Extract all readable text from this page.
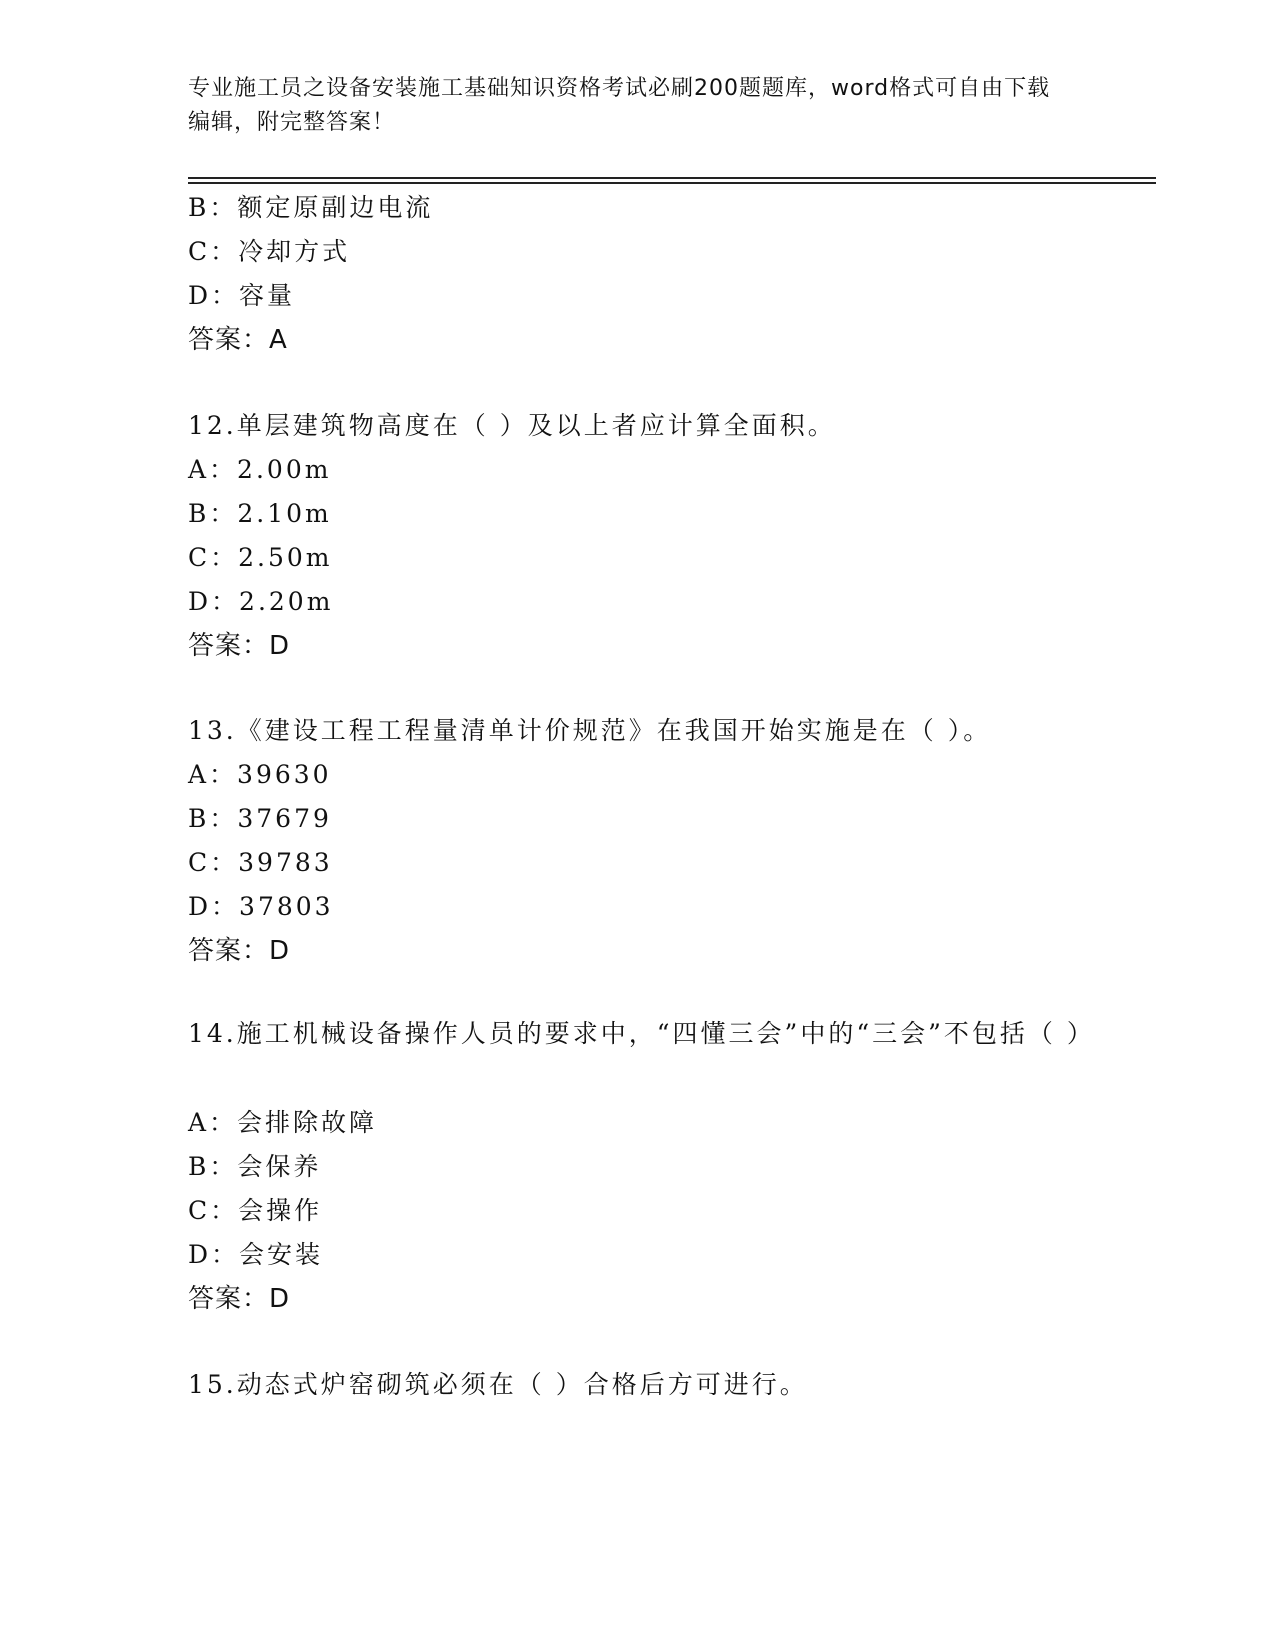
专业施工员之设备安装施工基础知识资格考试必刷200题题库，word格式可自由下载编辑，附完整答案！
B：额定原副边电流
C：冷却方式
D：容量
答案：A
12.单层建筑物高度在（ ）及以上者应计算全面积。
A：2.00m
B：2.10m
C：2.50m
D：2.20m
答案：D
13.《建设工程工程量清单计价规范》在我国开始实施是在（ ）。
A：39630
B：37679
C：39783
D：37803
答案：D
14.施工机械设备操作人员的要求中，“四懂三会”中的“三会”不包括（ ）
A：会排除故障
B：会保养
C：会操作
D：会安装
答案：D
15.动态式炉窑砌筑必须在（ ）合格后方可进行。
